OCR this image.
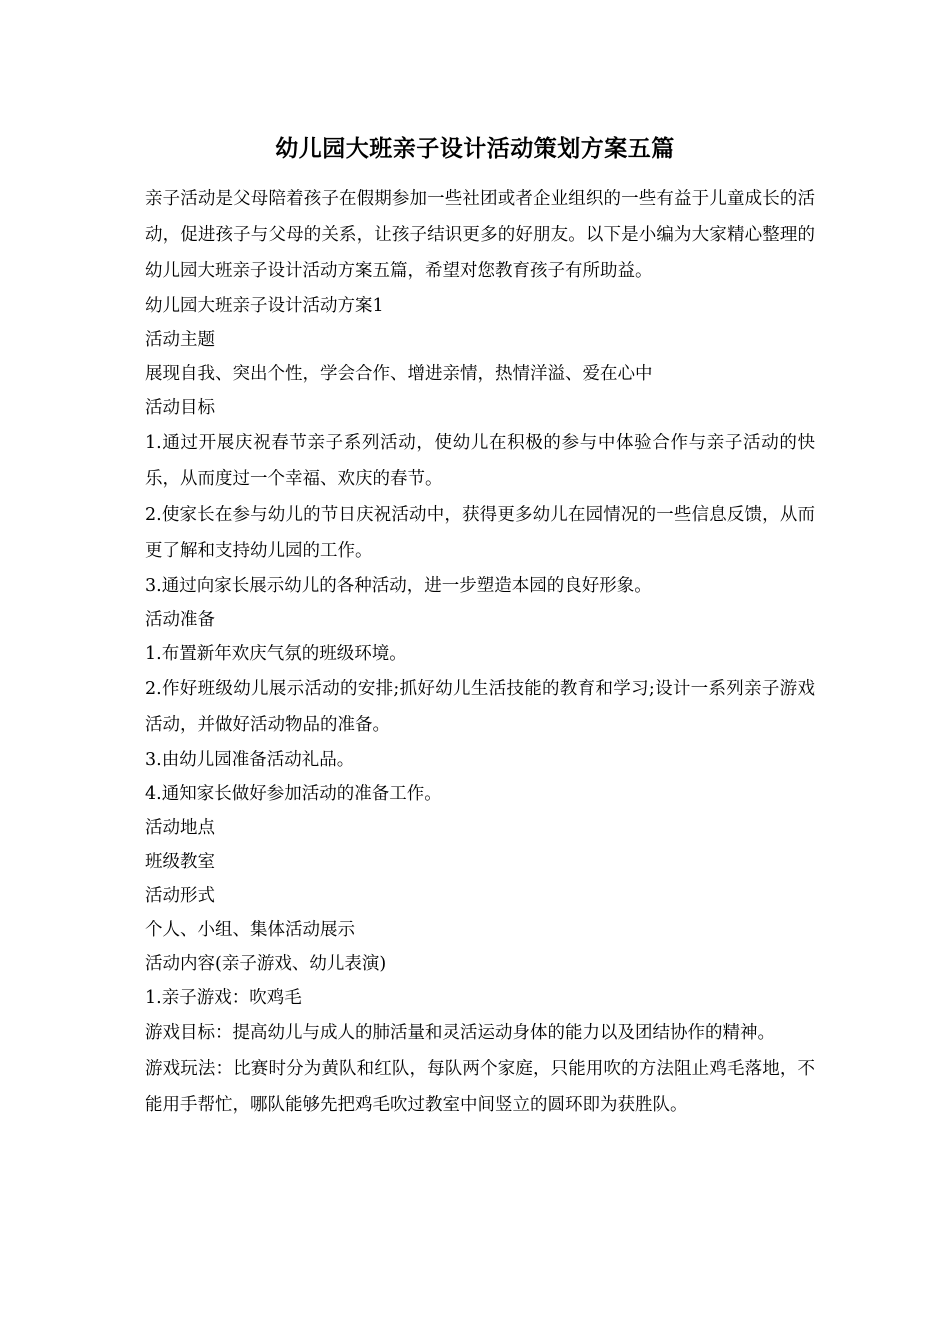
幼儿园大班亲子设计活动策划方案五篇

亲子活动是父母陪着孩子在假期参加一些社团或者企业组织的一些有益于儿童成长的活动，促进孩子与父母的关系，让孩子结识更多的好朋友。以下是小编为大家精心整理的幼儿园大班亲子设计活动方案五篇，希望对您教育孩子有所助益。

幼儿园大班亲子设计活动方案1

活动主题

展现自我、突出个性，学会合作、增进亲情，热情洋溢、爱在心中

活动目标

1.通过开展庆祝春节亲子系列活动，使幼儿在积极的参与中体验合作与亲子活动的快乐，从而度过一个幸福、欢庆的春节。

2.使家长在参与幼儿的节日庆祝活动中，获得更多幼儿在园情况的一些信息反馈，从而更了解和支持幼儿园的工作。

3.通过向家长展示幼儿的各种活动，进一步塑造本园的良好形象。

活动准备

1.布置新年欢庆气氛的班级环境。

2.作好班级幼儿展示活动的安排;抓好幼儿生活技能的教育和学习;设计一系列亲子游戏活动，并做好活动物品的准备。

3.由幼儿园准备活动礼品。

4.通知家长做好参加活动的准备工作。

活动地点

班级教室

活动形式

个人、小组、集体活动展示

活动内容(亲子游戏、幼儿表演)

1.亲子游戏：吹鸡毛

游戏目标：提高幼儿与成人的肺活量和灵活运动身体的能力以及团结协作的精神。

游戏玩法：比赛时分为黄队和红队，每队两个家庭，只能用吹的方法阻止鸡毛落地，不能用手帮忙，哪队能够先把鸡毛吹过教室中间竖立的圆环即为获胜队。
